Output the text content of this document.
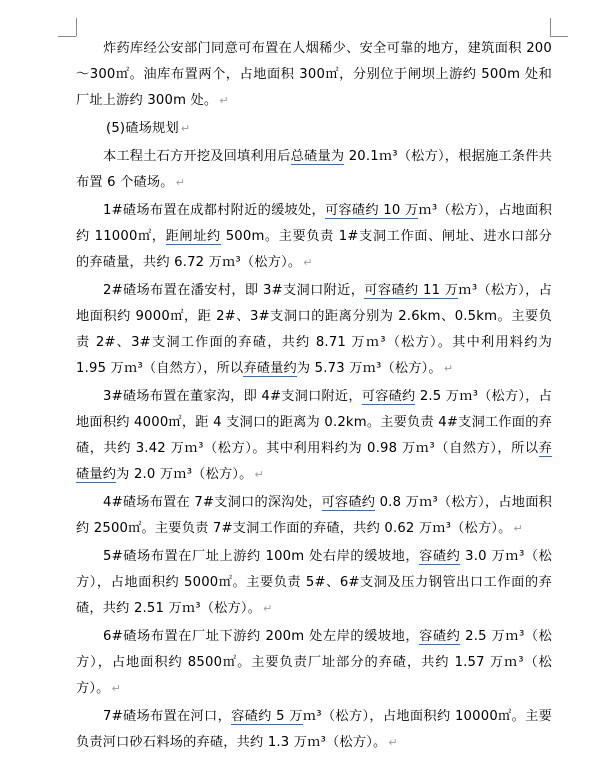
炸药库经公安部门同意可布置在人烟稀少、安全可靠的地方，建筑面积 200～300㎡。油库布置两个，占地面积 300㎡，分别位于闸坝上游约 500m 处和厂址上游约 300m 处。 ↵

(5)碴场规划 ↵

本工程土石方开挖及回填利用后总碴量为 20.1ｍ³（松方），根据施工条件共布置 6 个碴场。 ↵

1#碴场布置在成都村附近的缓坡处，可容碴约 10 万ｍ³（松方），占地面积约 11000㎡，距闸址约 500m。主要负责 1#支洞工作面、闸址、进水口部分的弃碴量，共约 6.72 万ｍ³（松方）。 ↵

2#碴场布置在潘安村，即 3#支洞口附近，可容碴约 11 万ｍ³（松方），占地面积约 9000㎡，距 2#、3#支洞口的距离分别为 2.6km、0.5km。主要负责 2#、3#支洞工作面的弃碴，共约 8.71 万ｍ³（松方）。其中利用料约为 1.95 万ｍ³（自然方），所以弃碴量约为 5.73 万ｍ³（松方）。 ↵

3#碴场布置在董家沟，即 4#支洞口附近，可容碴约 2.5 万ｍ³（松方），占地面积约 4000㎡，距 4 支洞口的距离为 0.2km。主要负责 4#支洞工作面的弃碴，共约 3.42 万ｍ³（松方）。其中利用料约为 0.98 万ｍ³（自然方），所以弃碴量约为 2.0 万ｍ³（松方）。 ↵

4#碴场布置在 7#支洞口的深沟处，可容碴约 0.8 万ｍ³（松方），占地面积约 2500㎡。主要负责 7#支洞工作面的弃碴，共约 0.62 万ｍ³（松方）。 ↵

5#碴场布置在厂址上游约 100m 处右岸的缓坡地，容碴约 3.0 万ｍ³（松方），占地面积约 5000㎡。主要负责 5#、6#支洞及压力钢管出口工作面的弃碴，共约 2.51 万ｍ³（松方）。 ↵

6#碴场布置在厂址下游约 200m 处左岸的缓坡地，容碴约 2.5 万ｍ³（松方），占地面积约 8500㎡。主要负责厂址部分的弃碴，共约 1.57 万ｍ³（松方）。 ↵

7#碴场布置在河口，容碴约 5 万ｍ³（松方），占地面积约 10000㎡。主要负责河口砂石料场的弃碴，共约 1.3 万ｍ³（松方）。 ↵
